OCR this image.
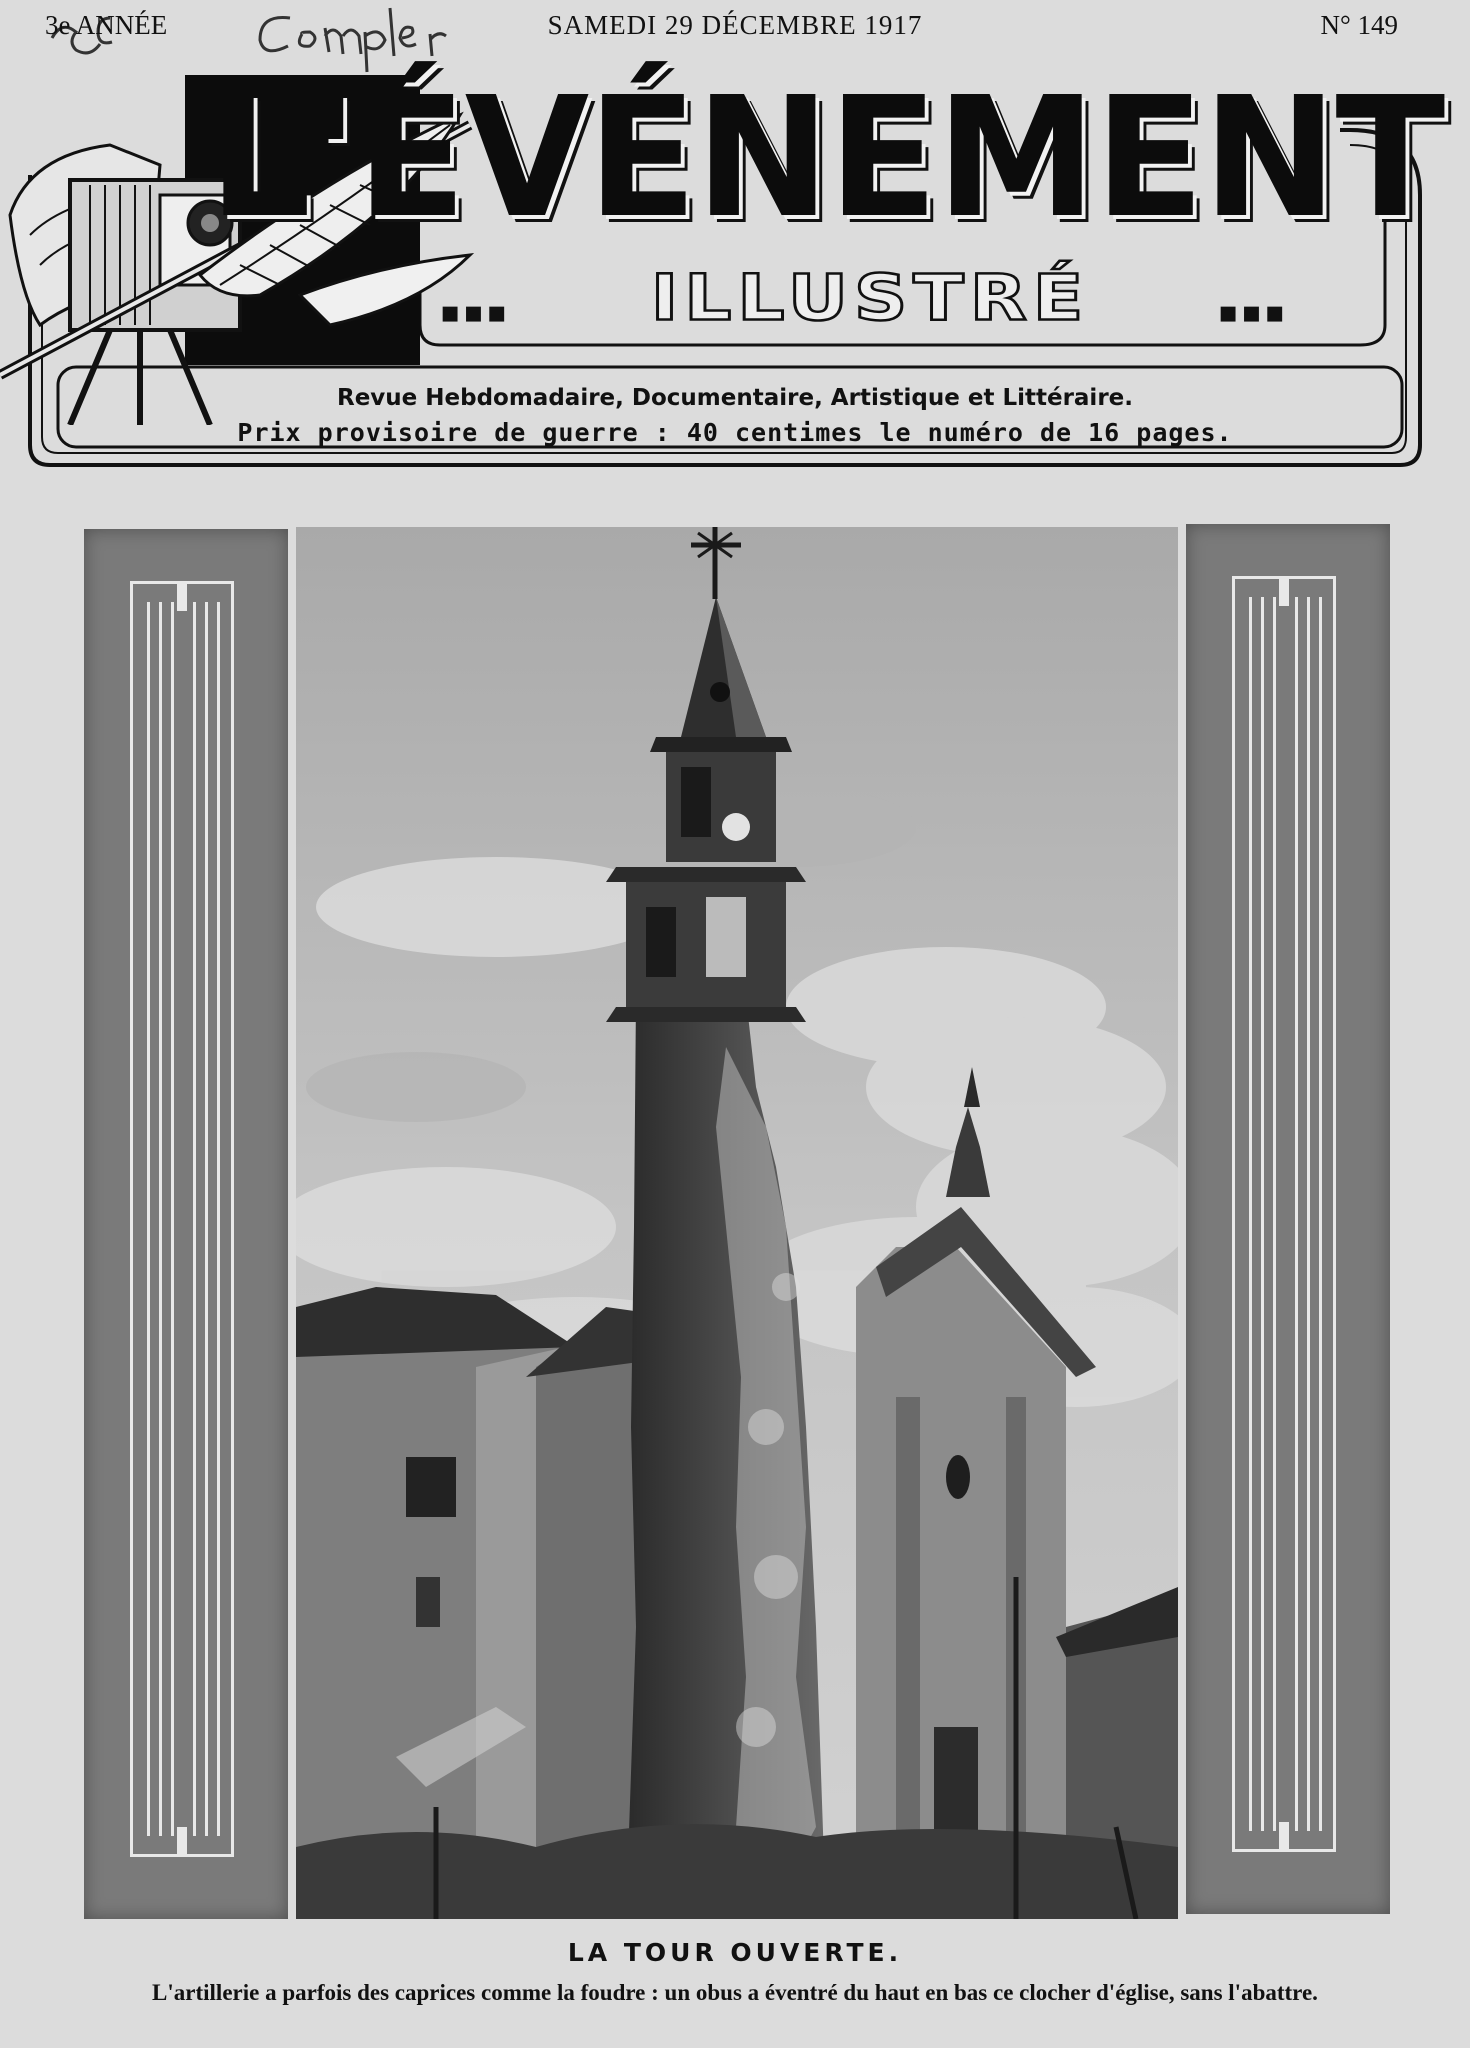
3e ANNÉE	SAMEDI 29 DÉCEMBRE 1917	N° 149
L'ÉVÉNEMENT
▪▪▪	ILLUSTRÉ	▪▪▪
Revue Hebdomadaire, Documentaire, Artistique et Littéraire.
Prix provisoire de guerre : 40 centimes le numéro de 16 pages.
LA TOUR OUVERTE.
L'artillerie a parfois des caprices comme la foudre : un obus a éventré du haut en bas ce clocher d'église, sans l'abattre.
